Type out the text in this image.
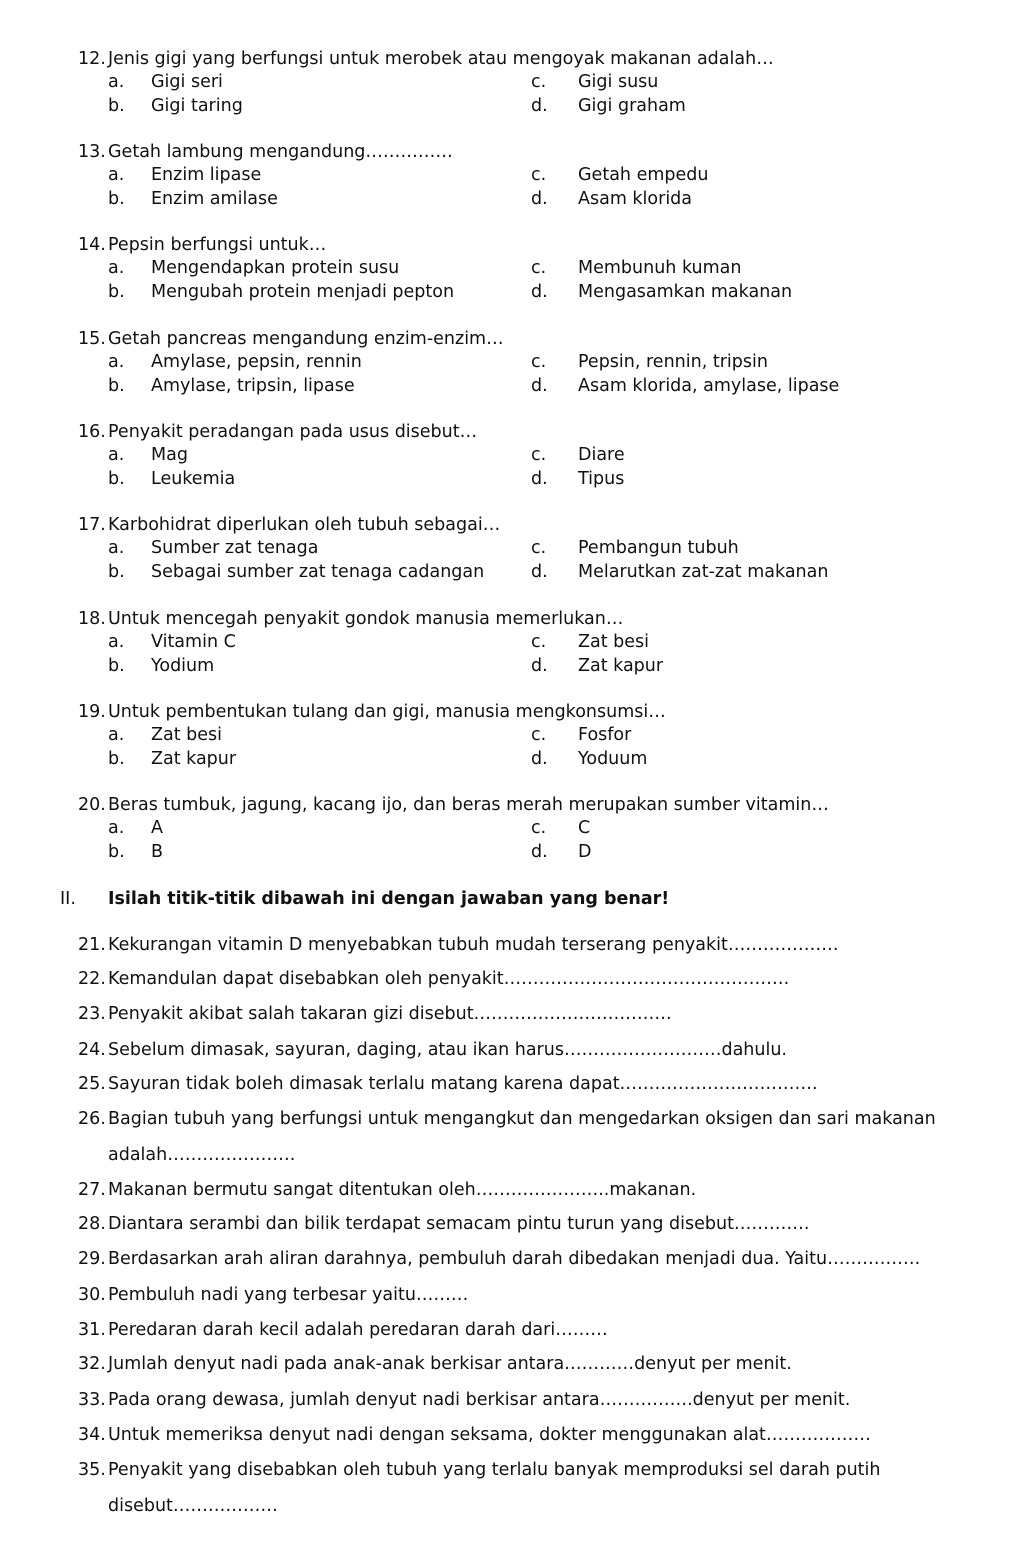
12. Jenis gigi yang berfungsi untuk merobek atau mengoyak makanan adalah…
a. Gigi seri	c. Gigi susu
b. Gigi taring	d. Gigi graham
13. Getah lambung mengandung……………
a. Enzim lipase	c. Getah empedu
b. Enzim amilase	d. Asam klorida
14. Pepsin berfungsi untuk…
a. Mengendapkan protein susu	c. Membunuh kuman
b. Mengubah protein menjadi pepton	d. Mengasamkan makanan
15. Getah pancreas mengandung enzim-enzim…
a. Amylase, pepsin, rennin	c. Pepsin, rennin, tripsin
b. Amylase, tripsin, lipase	d. Asam klorida, amylase, lipase
16. Penyakit peradangan pada usus disebut…
a. Mag	c. Diare
b. Leukemia	d. Tipus
17. Karbohidrat diperlukan oleh tubuh sebagai…
a. Sumber zat tenaga	c. Pembangun tubuh
b. Sebagai sumber zat tenaga cadangan	d. Melarutkan zat-zat makanan
18. Untuk mencegah penyakit gondok manusia memerlukan…
a. Vitamin C	c. Zat besi
b. Yodium	d. Zat kapur
19. Untuk pembentukan tulang dan gigi, manusia mengkonsumsi…
a. Zat besi	c. Fosfor
b. Zat kapur	d. Yoduum
20. Beras tumbuk, jagung, kacang ijo, dan beras merah merupakan sumber vitamin…
a. A	c. C
b. B	d. D
II. Isilah titik-titik dibawah ini dengan jawaban yang benar!
21. Kekurangan vitamin D menyebabkan tubuh mudah terserang penyakit……………….
22. Kemandulan dapat disebabkan oleh penyakit………………………………………….
23. Penyakit akibat salah takaran gizi disebut…………………………….
24. Sebelum dimasak, sayuran, daging, atau ikan harus………………………dahulu.
25. Sayuran tidak boleh dimasak terlalu matang karena dapat…………………………….
26. Bagian tubuh yang berfungsi untuk mengangkut dan mengedarkan oksigen dan sari makanan
adalah………………….
27. Makanan bermutu sangat ditentukan oleh…………………..makanan.
28. Diantara serambi dan bilik terdapat semacam pintu turun yang disebut………….
29. Berdasarkan arah aliran darahnya, pembuluh darah dibedakan menjadi dua. Yaitu…………….
30. Pembuluh nadi yang terbesar yaitu………
31. Peredaran darah kecil adalah peredaran darah dari………
32. Jumlah denyut nadi pada anak-anak berkisar antara…………denyut per menit.
33. Pada orang dewasa, jumlah denyut nadi berkisar antara…………….denyut per menit.
34. Untuk memeriksa denyut nadi dengan seksama, dokter menggunakan alat………………
35. Penyakit yang disebabkan oleh tubuh yang terlalu banyak memproduksi sel darah putih
disebut………………
